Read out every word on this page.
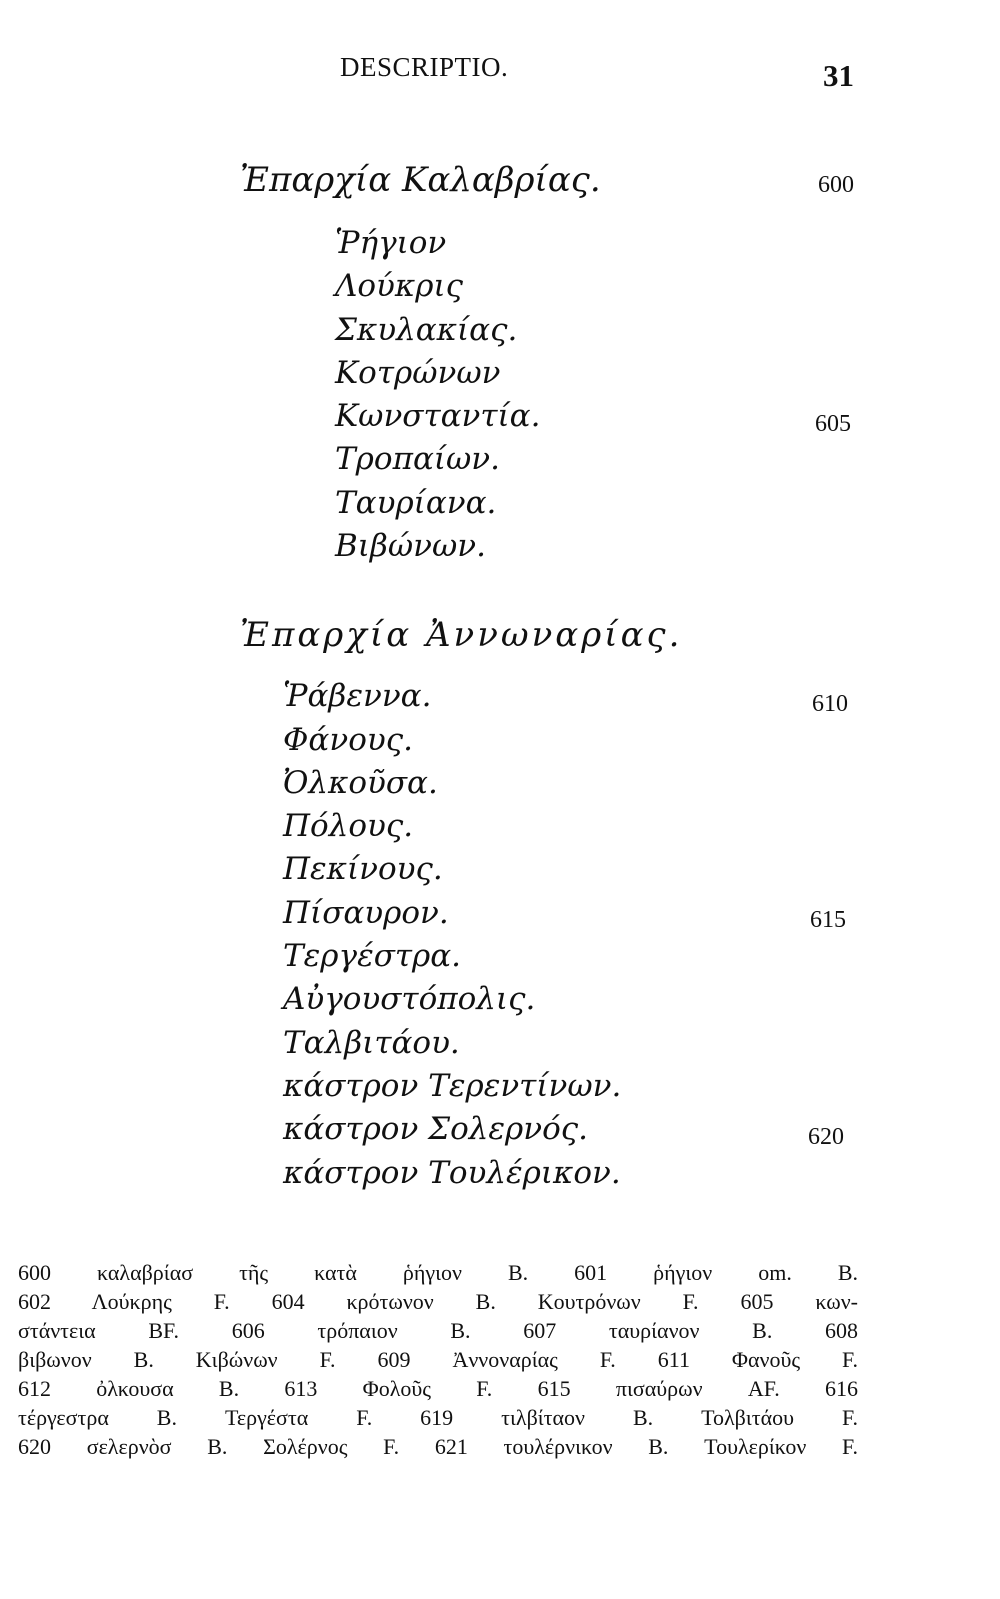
DESCRIPTIO.	31
Ἐπαρχία Καλαβρίας.	600
Ῥήγιον
Λούκρις
Σκυλακίας.
Κοτρώνων
Κωνσταντία.	605
Τροπαίων.
Ταυρίανα.
Βιβώνων.
Ἐπαρχία Ἀννωναρίας.
Ῥάβεννα.	610
Φάνους.
Ὀλκοῦσα.
Πόλους.
Πεκίνους.
Πίσαυρον.	615
Τεργέστρα.
Αὐγουστόπολις.
Ταλβιτάου.
κάστρον Τερεντίνων.
κάστρον Σολερνός.	620
κάστρον Τουλέρικον.
600 καλαβρίασ τῆς κατὰ ῥήγιον B. 601 ῥήγιον om. B.
602 Λούκρης F. 604 κρότωνον B. Κουτρόνων F. 605 κων-
στάντεια BF. 606 τρόπαιον B. 607 ταυρίανον B. 608
βιβωνον B. Κιβώνων F. 609 Ἀννοναρίας F. 611 Φανοῦς F.
612 ὀλκουσα B. 613 Φολοῦς F. 615 πισαύρων AF. 616
τέργεστρα B. Τεργέστα F. 619 τιλβίταον B. Τολβιτάου F.
620 σελερνὸσ B. Σολέρνος F. 621 τουλέρνικον B. Τουλερίκον F.
